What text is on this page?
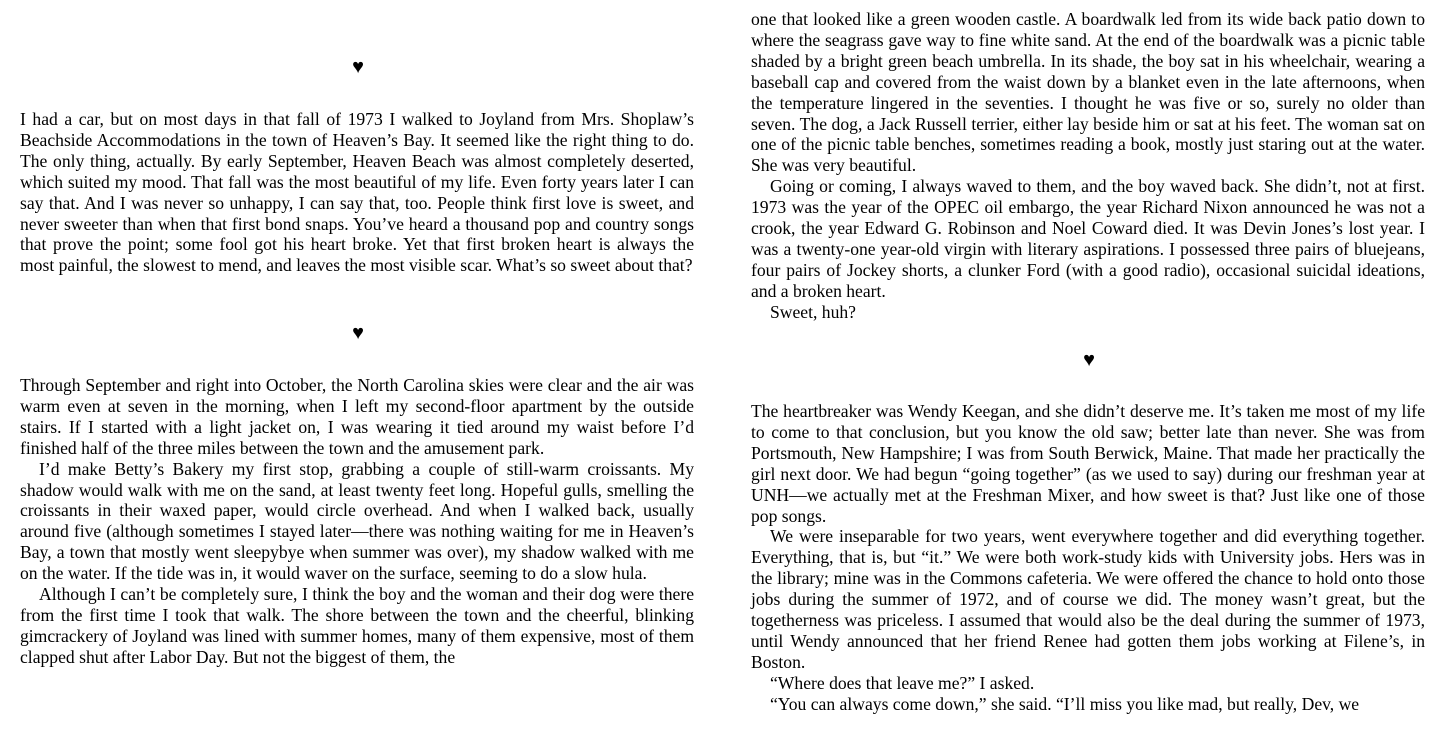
♥

I had a car, but on most days in that fall of 1973 I walked to Joyland from Mrs. Shoplaw’s Beachside Accommodations in the town of Heaven’s Bay. It seemed like the right thing to do. The only thing, actually. By early September, Heaven Beach was almost completely deserted, which suited my mood. That fall was the most beautiful of my life. Even forty years later I can say that. And I was never so unhappy, I can say that, too. People think first love is sweet, and never sweeter than when that first bond snaps. You’ve heard a thousand pop and country songs that prove the point; some fool got his heart broke. Yet that first broken heart is always the most painful, the slowest to mend, and leaves the most visible scar. What’s so sweet about that?

♥

Through September and right into October, the North Carolina skies were clear and the air was warm even at seven in the morning, when I left my second-floor apartment by the outside stairs. If I started with a light jacket on, I was wearing it tied around my waist before I’d finished half of the three miles between the town and the amusement park.

I’d make Betty’s Bakery my first stop, grabbing a couple of still-warm croissants. My shadow would walk with me on the sand, at least twenty feet long. Hopeful gulls, smelling the croissants in their waxed paper, would circle overhead. And when I walked back, usually around five (although sometimes I stayed later—there was nothing waiting for me in Heaven’s Bay, a town that mostly went sleepybye when summer was over), my shadow walked with me on the water. If the tide was in, it would waver on the surface, seeming to do a slow hula.

Although I can’t be completely sure, I think the boy and the woman and their dog were there from the first time I took that walk. The shore between the town and the cheerful, blinking gimcrackery of Joyland was lined with summer homes, many of them expensive, most of them clapped shut after Labor Day. But not the biggest of them, the

one that looked like a green wooden castle. A boardwalk led from its wide back patio down to where the seagrass gave way to fine white sand. At the end of the boardwalk was a picnic table shaded by a bright green beach umbrella. In its shade, the boy sat in his wheelchair, wearing a baseball cap and covered from the waist down by a blanket even in the late afternoons, when the temperature lingered in the seventies. I thought he was five or so, surely no older than seven. The dog, a Jack Russell terrier, either lay beside him or sat at his feet. The woman sat on one of the picnic table benches, sometimes reading a book, mostly just staring out at the water. She was very beautiful.

Going or coming, I always waved to them, and the boy waved back. She didn’t, not at first. 1973 was the year of the OPEC oil embargo, the year Richard Nixon announced he was not a crook, the year Edward G. Robinson and Noel Coward died. It was Devin Jones’s lost year. I was a twenty-one year-old virgin with literary aspirations. I possessed three pairs of bluejeans, four pairs of Jockey shorts, a clunker Ford (with a good radio), occasional suicidal ideations, and a broken heart.

Sweet, huh?

♥

The heartbreaker was Wendy Keegan, and she didn’t deserve me. It’s taken me most of my life to come to that conclusion, but you know the old saw; better late than never. She was from Portsmouth, New Hampshire; I was from South Berwick, Maine. That made her practically the girl next door. We had begun “going together” (as we used to say) during our freshman year at UNH—we actually met at the Freshman Mixer, and how sweet is that? Just like one of those pop songs.

We were inseparable for two years, went everywhere together and did everything together. Everything, that is, but “it.” We were both work-study kids with University jobs. Hers was in the library; mine was in the Commons cafeteria. We were offered the chance to hold onto those jobs during the summer of 1972, and of course we did. The money wasn’t great, but the togetherness was priceless. I assumed that would also be the deal during the summer of 1973, until Wendy announced that her friend Renee had gotten them jobs working at Filene’s, in Boston.

“Where does that leave me?” I asked.

“You can always come down,” she said. “I’ll miss you like mad, but really, Dev, we
